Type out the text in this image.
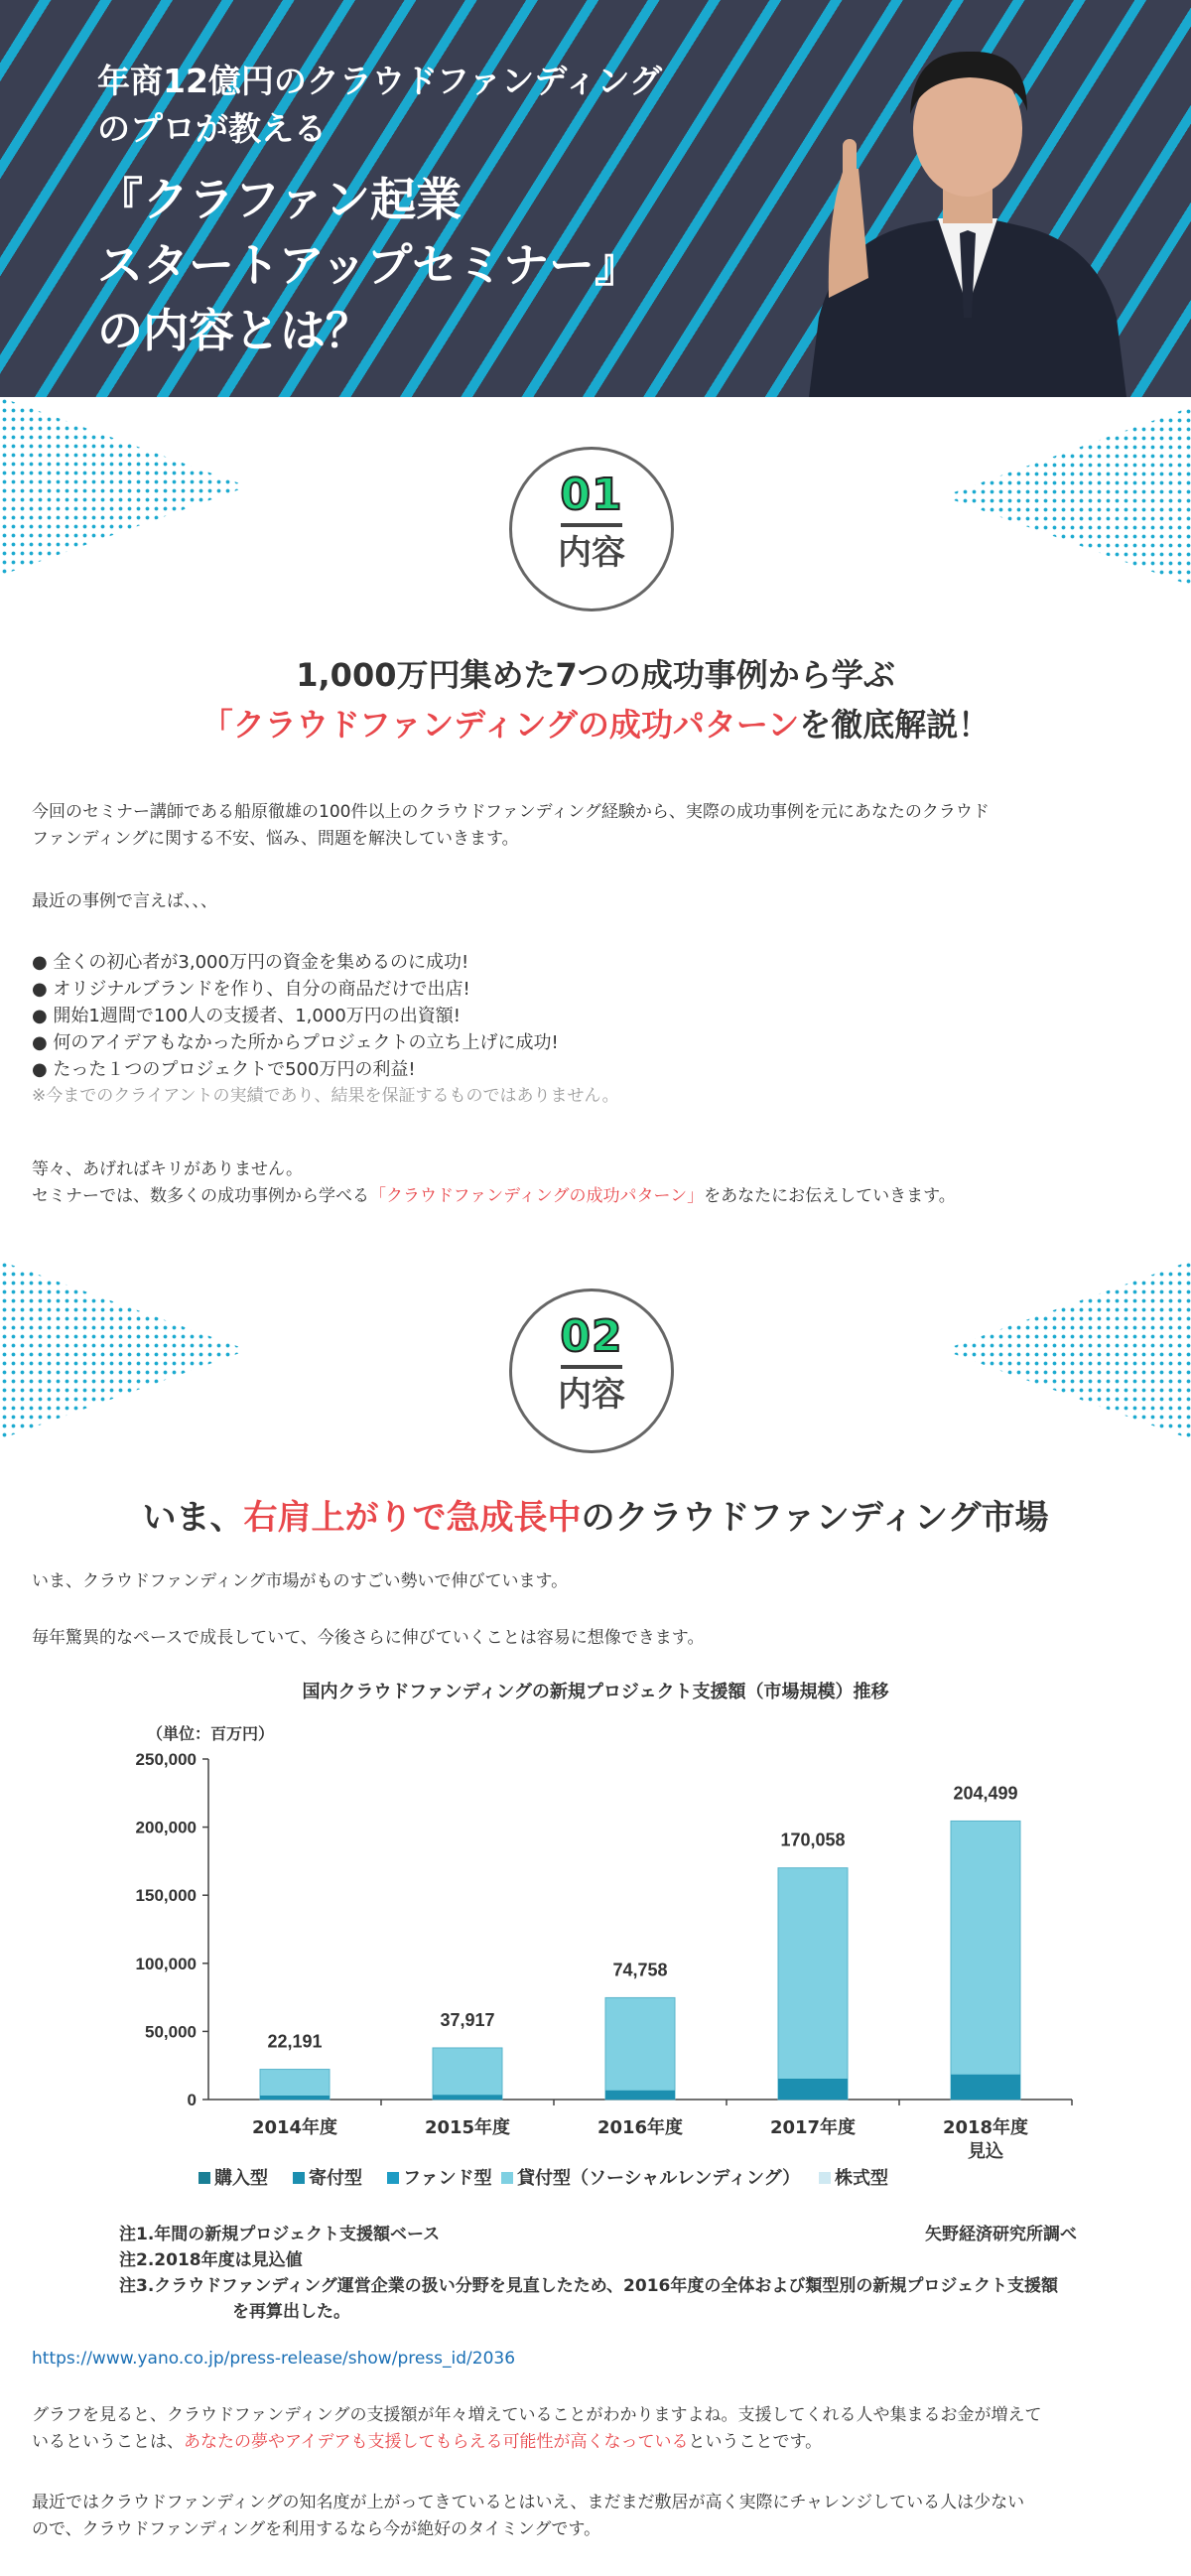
年商12億円のクラウドファンディング
のプロが教える
『クラファン起業
スタートアップセミナー』
の内容とは？
01
内容
1,000万円集めた7つの成功事例から学ぶ
「クラウドファンディングの成功パターンを徹底解説！

今回のセミナー講師である船原徹雄の100件以上のクラウドファンディング経験から、実際の成功事例を元にあなたのクラウド
ファンディングに関する不安、悩み、問題を解決していきます。

最近の事例で言えば、、、

● 全くの初心者が3,000万円の資金を集めるのに成功!
● オリジナルブランドを作り、自分の商品だけで出店!
● 開始1週間で100人の支援者、1,000万円の出資額!
● 何のアイデアもなかった所からプロジェクトの立ち上げに成功!
● たった１つのプロジェクトで500万円の利益!
※今までのクライアントの実績であり、結果を保証するものではありません。

等々、あげればキリがありません。
セミナーでは、数多くの成功事例から学べる「クラウドファンディングの成功パターン」をあなたにお伝えしていきます。

02
内容
いま、右肩上がりで急成長中のクラウドファンディング市場

いま、クラウドファンディング市場がものすごい勢いで伸びています。

毎年驚異的なペースで成長していて、今後さらに伸びていくことは容易に想像できます。

国内クラウドファンディングの新規プロジェクト支援額（市場規模）推移
（単位：百万円）
0
50,000
100,000
150,000
200,000
250,000
22,191
2014年度
37,917
2015年度
74,758
2016年度
170,058
2017年度
204,499
2018年度
見込
購入型 寄付型 ファンド型 貸付型（ソーシャルレンディング） 株式型
注1.年間の新規プロジェクト支援額ベース
注2.2018年度は見込値
注3.クラウドファンディング運営企業の扱い分野を見直したため、2016年度の全体および類型別の新規プロジェクト支援額
を再算出した。
矢野経済研究所調べ

https://www.yano.co.jp/press-release/show/press_id/2036

グラフを見ると、クラウドファンディングの支援額が年々増えていることがわかりますよね。支援してくれる人や集まるお金が増えて
いるということは、あなたの夢やアイデアも支援してもらえる可能性が高くなっているということです。

最近ではクラウドファンディングの知名度が上がってきているとはいえ、まだまだ敷居が高く実際にチャレンジしている人は少ない
ので、クラウドファンディングを利用するなら今が絶好のタイミングです。
